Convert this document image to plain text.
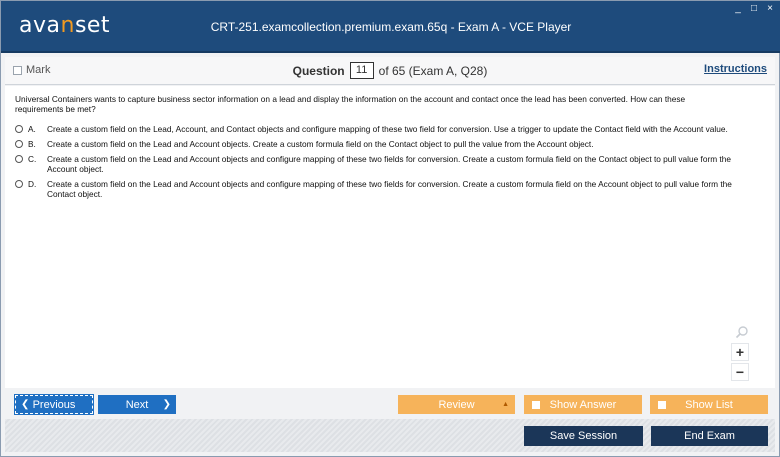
avanset	CRT-251.examcollection.premium.exam.65q - Exam A - VCE Player
_ □ ×
Mark	Question	11 of 65 (Exam A, Q28)	Instructions
Universal Containers wants to capture business sector information on a lead and display the information on the account and contact once the lead has been converted. How can these requirements be met?
A.	Create a custom field on the Lead, Account, and Contact objects and configure mapping of these two field for conversion. Use a trigger to update the Contact field with the Account value.
B.	Create a custom field on the Lead and Account objects. Create a custom formula field on the Contact object to pull the value from the Account object.
C.	Create a custom field on the Lead and Account objects and configure mapping of these two fields for conversion. Create a custom formula field on the Contact object to pull value form the Account object.
D.	Create a custom field on the Lead and Account objects and configure mapping of these two fields for conversion. Create a custom formula field on the Account object to pull value form the Contact object.
+
−
❮ Previous	Next ❯	Review	▲	Show Answer	Show List
Save Session	End Exam
